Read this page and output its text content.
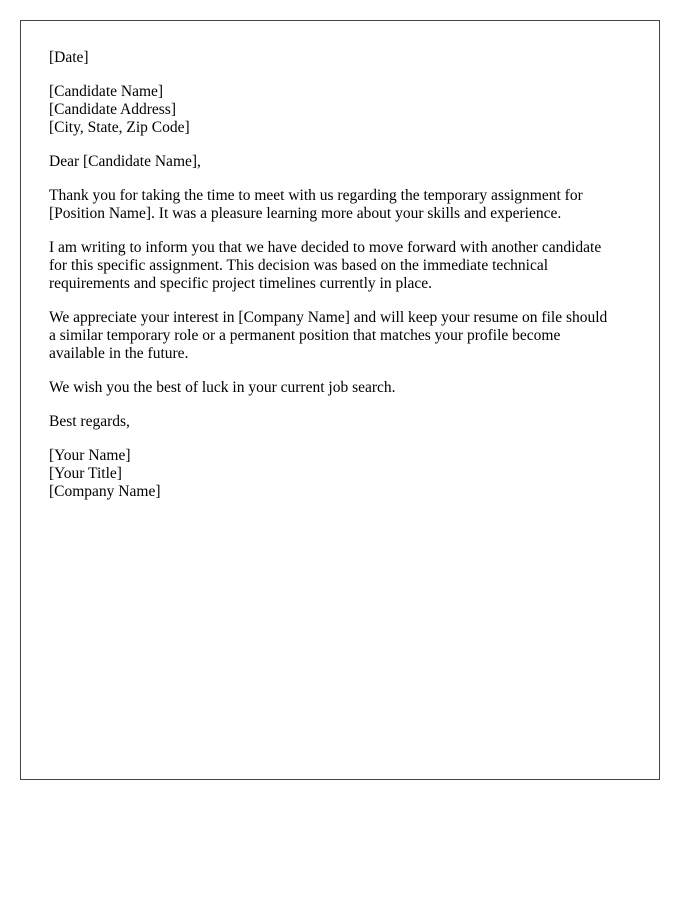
[Date]
[Candidate Name]
[Candidate Address]
[City, State, Zip Code]
Dear [Candidate Name],
Thank you for taking the time to meet with us regarding the temporary assignment for
[Position Name]. It was a pleasure learning more about your skills and experience.
I am writing to inform you that we have decided to move forward with another candidate
for this specific assignment. This decision was based on the immediate technical
requirements and specific project timelines currently in place.
We appreciate your interest in [Company Name] and will keep your resume on file should
a similar temporary role or a permanent position that matches your profile become
available in the future.
We wish you the best of luck in your current job search.
Best regards,
[Your Name]
[Your Title]
[Company Name]
